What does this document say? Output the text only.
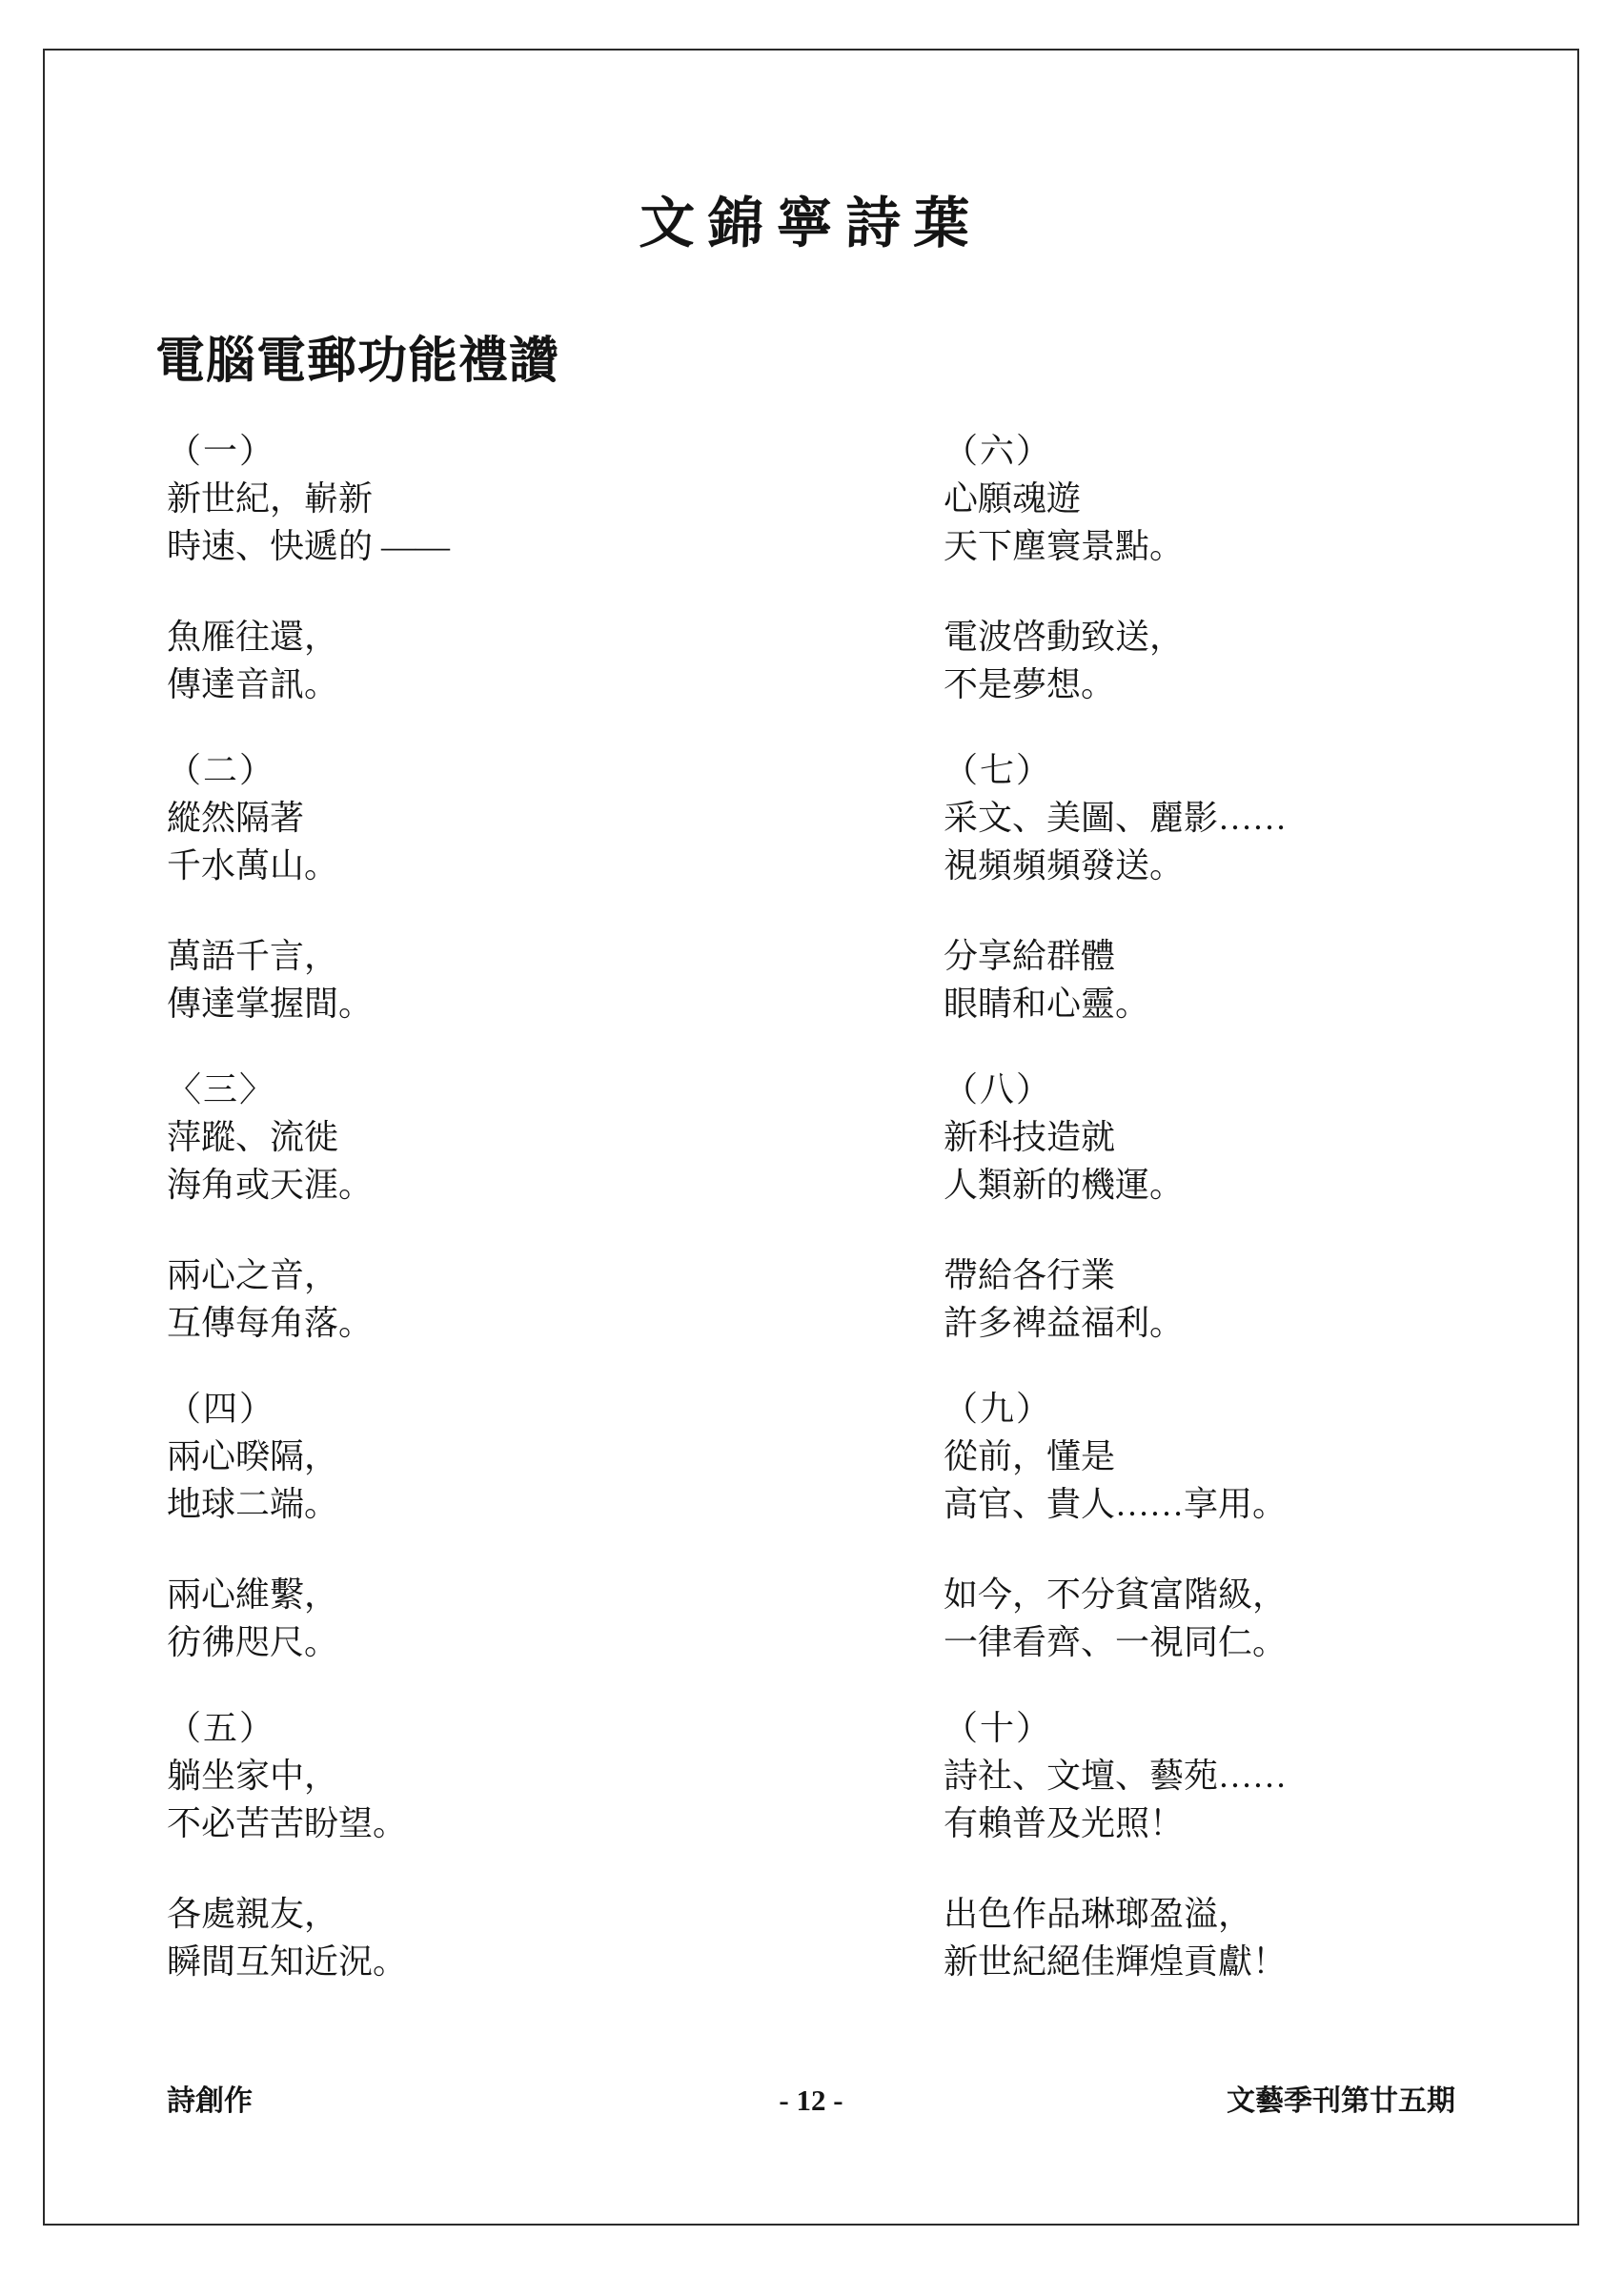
文錦寧詩葉
電腦電郵功能禮讚
（一）
新世紀，嶄新
時速、快遞的 ——
魚雁往還，
傳達音訊。
（二）
縱然隔著
千水萬山。
萬語千言，
傳達掌握間。
〈三〉
萍蹤、流徙
海角或天涯。
兩心之音，
互傳每角落。
（四）
兩心暌隔，
地球二端。
兩心維繫，
彷彿咫尺。
（五）
躺坐家中，
不必苦苦盼望。
各處親友，
瞬間互知近況。
（六）
心願魂遊
天下塵寰景點。
電波啓動致送，
不是夢想。
（七）
采文、美圖、麗影……
視頻頻頻發送。
分享給群體
眼睛和心靈。
（八）
新科技造就
人類新的機運。
帶給各行業
許多裨益福利。
（九）
從前，懂是
高官、貴人……享用。
如今，不分貧富階級，
一律看齊、一視同仁。
（十）
詩社、文壇、藝苑……
有賴普及光照！
出色作品琳瑯盈溢，
新世紀絕佳輝煌貢獻！
詩創作	- 12 -	文藝季刊第廿五期
